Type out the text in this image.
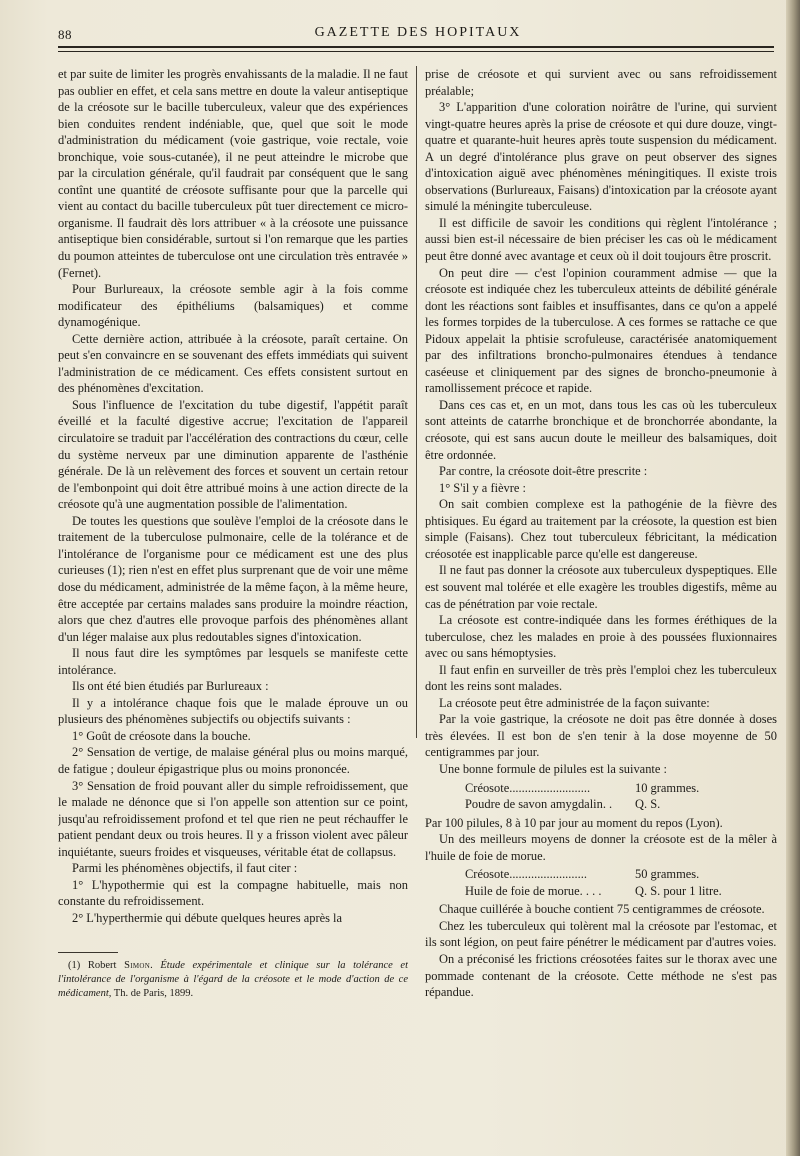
88	GAZETTE DES HOPITAUX

et par suite de limiter les progrès envahissants de la maladie. Il ne faut pas oublier en effet, et cela sans mettre en doute la valeur antiseptique de la créosote sur le bacille tuberculeux, valeur que des expériences bien conduites rendent indéniable, que, quel que soit le mode d'administration du médicament (voie gastrique, voie rectale, voie bronchique, voie sous-cutanée), il ne peut atteindre le microbe que par la circulation générale, qu'il faudrait par conséquent que le sang contînt une quantité de créosote suffisante pour que la parcelle qui vient au contact du bacille tuberculeux pût tuer directement ce micro-organisme. Il faudrait dès lors attribuer « à la créosote une puissance antiseptique bien considérable, surtout si l'on remarque que les parties du poumon atteintes de tuberculose ont une circulation très entravée » (Fernet).

Pour Burlureaux, la créosote semble agir à la fois comme modificateur des épithéliums (balsamiques) et comme dynamogénique.

Cette dernière action, attribuée à la créosote, paraît certaine. On peut s'en convaincre en se souvenant des effets immédiats qui suivent l'administration de ce médicament. Ces effets consistent surtout en des phénomènes d'excitation.

Sous l'influence de l'excitation du tube digestif, l'appétit paraît éveillé et la faculté digestive accrue; l'excitation de l'appareil circulatoire se traduit par l'accélération des contractions du cœur, celle du système nerveux par une diminution apparente de l'asthénie générale. De là un relèvement des forces et souvent un certain retour de l'embonpoint qui doit être attribué moins à une action directe de la créosote qu'à une augmentation possible de l'alimentation.

De toutes les questions que soulève l'emploi de la créosote dans le traitement de la tuberculose pulmonaire, celle de la tolérance et de l'intolérance de l'organisme pour ce médicament est une des plus curieuses (1); rien n'est en effet plus surprenant que de voir une même dose du médicament, administrée de la même façon, à la même heure, être acceptée par certains malades sans produire la moindre réaction, alors que chez d'autres elle provoque parfois des phénomènes allant d'un léger malaise aux plus redoutables signes d'intoxication.

Il nous faut dire les symptômes par lesquels se manifeste cette intolérance.

Ils ont été bien étudiés par Burlureaux :

Il y a intolérance chaque fois que le malade éprouve un ou plusieurs des phénomènes subjectifs ou objectifs suivants :

1° Goût de créosote dans la bouche.

2° Sensation de vertige, de malaise général plus ou moins marqué, de fatigue ; douleur épigastrique plus ou moins prononcée.

3° Sensation de froid pouvant aller du simple refroidissement, que le malade ne dénonce que si l'on appelle son attention sur ce point, jusqu'au refroidissement profond et tel que rien ne peut réchauffer le patient pendant deux ou trois heures. Il y a frisson violent avec pâleur inquiétante, sueurs froides et visqueuses, véritable état de collapsus.

Parmi les phénomènes objectifs, il faut citer :

1° L'hypothermie qui est la compagne habituelle, mais non constante du refroidissement.

2° L'hyperthermie qui débute quelques heures après la

(1) Robert Simon. Étude expérimentale et clinique sur la tolérance et l'intolérance de l'organisme à l'égard de la créosote et le mode d'action de ce médicament, Th. de Paris, 1899.

prise de créosote et qui survient avec ou sans refroidissement préalable;

3° L'apparition d'une coloration noirâtre de l'urine, qui survient vingt-quatre heures après la prise de créosote et qui dure douze, vingt-quatre et quarante-huit heures après toute suspension du médicament. A un degré d'intolérance plus grave on peut observer des signes d'intoxication aiguë avec phénomènes méningitiques. Il existe trois observations (Burlureaux, Faisans) d'intoxication par la créosote ayant simulé la méningite tuberculeuse.

Il est difficile de savoir les conditions qui règlent l'intolérance ; aussi bien est-il nécessaire de bien préciser les cas où le médicament peut être donné avec avantage et ceux où il doit toujours être proscrit.

On peut dire — c'est l'opinion couramment admise — que la créosote est indiquée chez les tuberculeux atteints de débilité générale dont les réactions sont faibles et insuffisantes, dans ce qu'on a appelé les formes torpides de la tuberculose. A ces formes se rattache ce que Pidoux appelait la phtisie scrofuleuse, caractérisée anatomiquement par des infiltrations broncho-pulmonaires étendues à tendance caséeuse et cliniquement par des signes de broncho-pneumonie à ramollissement précoce et rapide.

Dans ces cas et, en un mot, dans tous les cas où les tuberculeux sont atteints de catarrhe bronchique et de bronchorrée abondante, la créosote, qui est sans aucun doute le meilleur des balsamiques, doit être ordonnée.

Par contre, la créosote doit-être prescrite :

1° S'il y a fièvre :

On sait combien complexe est la pathogénie de la fièvre des phtisiques. Eu égard au traitement par la créosote, la question est bien simple (Faisans). Chez tout tuberculeux fébricitant, la médication créosotée est inapplicable parce qu'elle est dangereuse.

Il ne faut pas donner la créosote aux tuberculeux dyspeptiques. Elle est souvent mal tolérée et elle exagère les troubles digestifs, même au cas de pénétration par voie rectale.

La créosote est contre-indiquée dans les formes éréthiques de la tuberculose, chez les malades en proie à des poussées fluxionnaires avec ou sans hémoptysies.

Il faut enfin en surveiller de très près l'emploi chez les tuberculeux dont les reins sont malades.

La créosote peut être administrée de la façon suivante:

Par la voie gastrique, la créosote ne doit pas être donnée à doses très élevées. Il est bon de s'en tenir à la dose moyenne de 50 centigrammes par jour.

Une bonne formule de pilules est la suivante :

Créosote..........................	10 grammes.
Poudre de savon amygdalin. .	Q. S.

Par 100 pilules, 8 à 10 par jour au moment du repos (Lyon).

Un des meilleurs moyens de donner la créosote est de la mêler à l'huile de foie de morue.

Créosote.........................	50 grammes.
Huile de foie de morue. . . .	Q. S. pour 1 litre.

Chaque cuillérée à bouche contient 75 centigrammes de créosote.

Chez les tuberculeux qui tolèrent mal la créosote par l'estomac, et ils sont légion, on peut faire pénétrer le médicament par d'autres voies.

On a préconisé les frictions créosotées faites sur le thorax avec une pommade contenant de la créosote. Cette méthode ne s'est pas répandue.
